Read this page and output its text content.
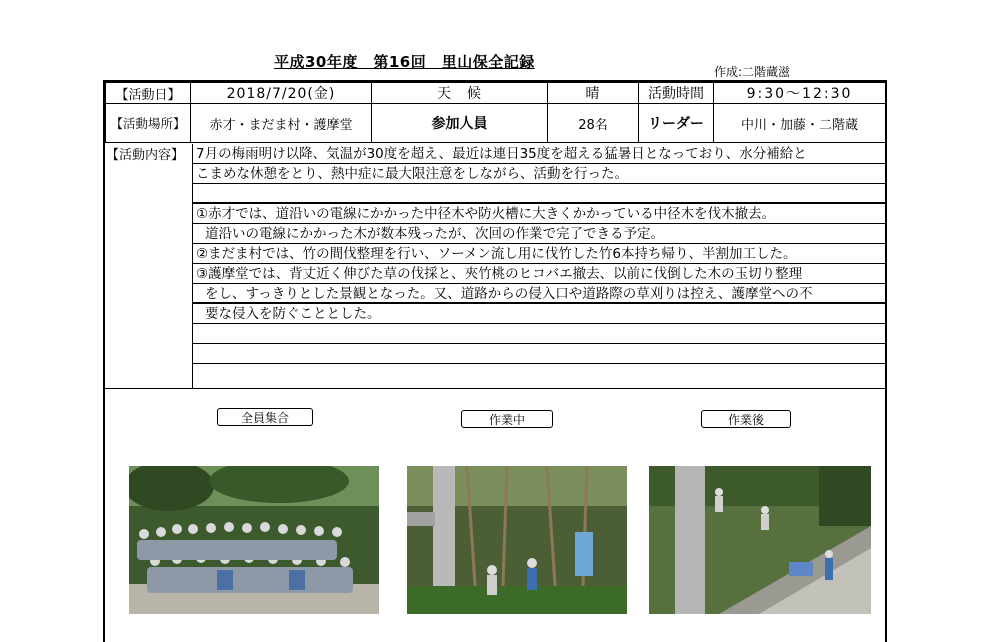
平成30年度　第16回　里山保全記録
作成:二階蔵滋
【活動日】	2018/7/20(金)	天　候	晴	活動時間	9:30〜12:30
【活動場所】	赤才・まだま村・護摩堂	参加人員	28名	リーダー	中川・加藤・二階蔵
【活動内容】 7月の梅雨明け以降、気温が30度を超え、最近は連日35度を超える猛暑日となっており、水分補給と
こまめな休憩をとり、熱中症に最大限注意をしながら、活動を行った。
①赤才では、道沿いの電線にかかった中径木や防火槽に大きくかかっている中径木を伐木撤去。
道沿いの電線にかかった木が数本残ったが、次回の作業で完了できる予定。
②まだま村では、竹の間伐整理を行い、ソーメン流し用に伐竹した竹6本持ち帰り、半割加工した。
③護摩堂では、背丈近く伸びた草の伐採と、夾竹桃のヒコバエ撤去、以前に伐倒した木の玉切り整理
をし、すっきりとした景観となった。又、道路からの侵入口や道路際の草刈りは控え、護摩堂への不
要な侵入を防ぐこととした。
全員集合	作業中	作業後
